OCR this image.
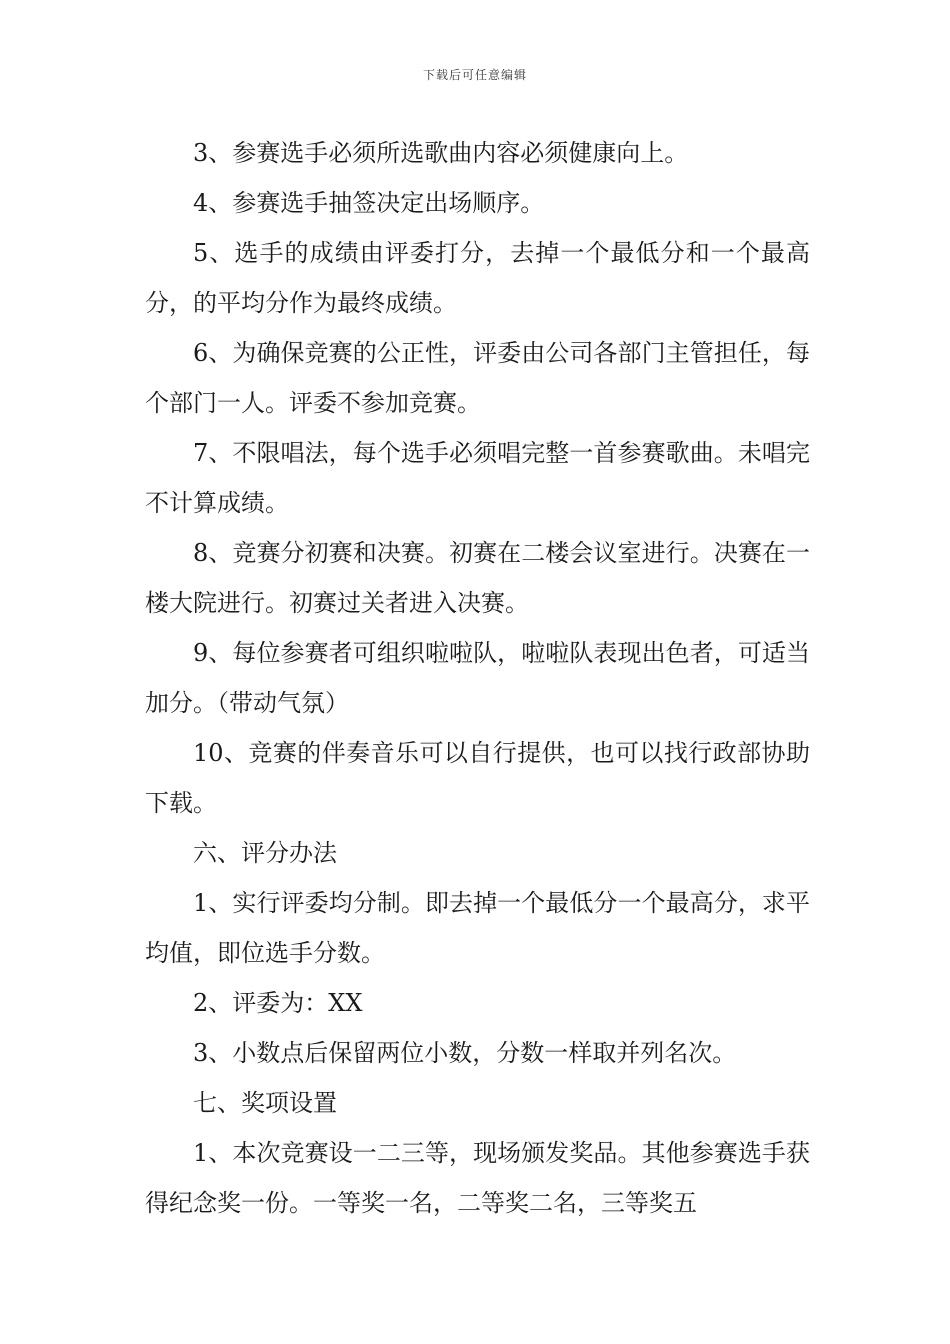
下载后可任意编辑

3、参赛选手必须所选歌曲内容必须健康向上。

4、参赛选手抽签决定出场顺序。

5、选手的成绩由评委打分，去掉一个最低分和一个最高分，的平均分作为最终成绩。

6、为确保竞赛的公正性，评委由公司各部门主管担任，每个部门一人。评委不参加竞赛。

7、不限唱法，每个选手必须唱完整一首参赛歌曲。未唱完不计算成绩。

8、竞赛分初赛和决赛。初赛在二楼会议室进行。决赛在一楼大院进行。初赛过关者进入决赛。

9、每位参赛者可组织啦啦队，啦啦队表现出色者，可适当加分。（带动气氛）

10、竞赛的伴奏音乐可以自行提供，也可以找行政部协助下载。

六、评分办法

1、实行评委均分制。即去掉一个最低分一个最高分，求平均值，即位选手分数。

2、评委为：XX

3、小数点后保留两位小数，分数一样取并列名次。

七、奖项设置

1、本次竞赛设一二三等，现场颁发奖品。其他参赛选手获得纪念奖一份。一等奖一名，二等奖二名，三等奖五
